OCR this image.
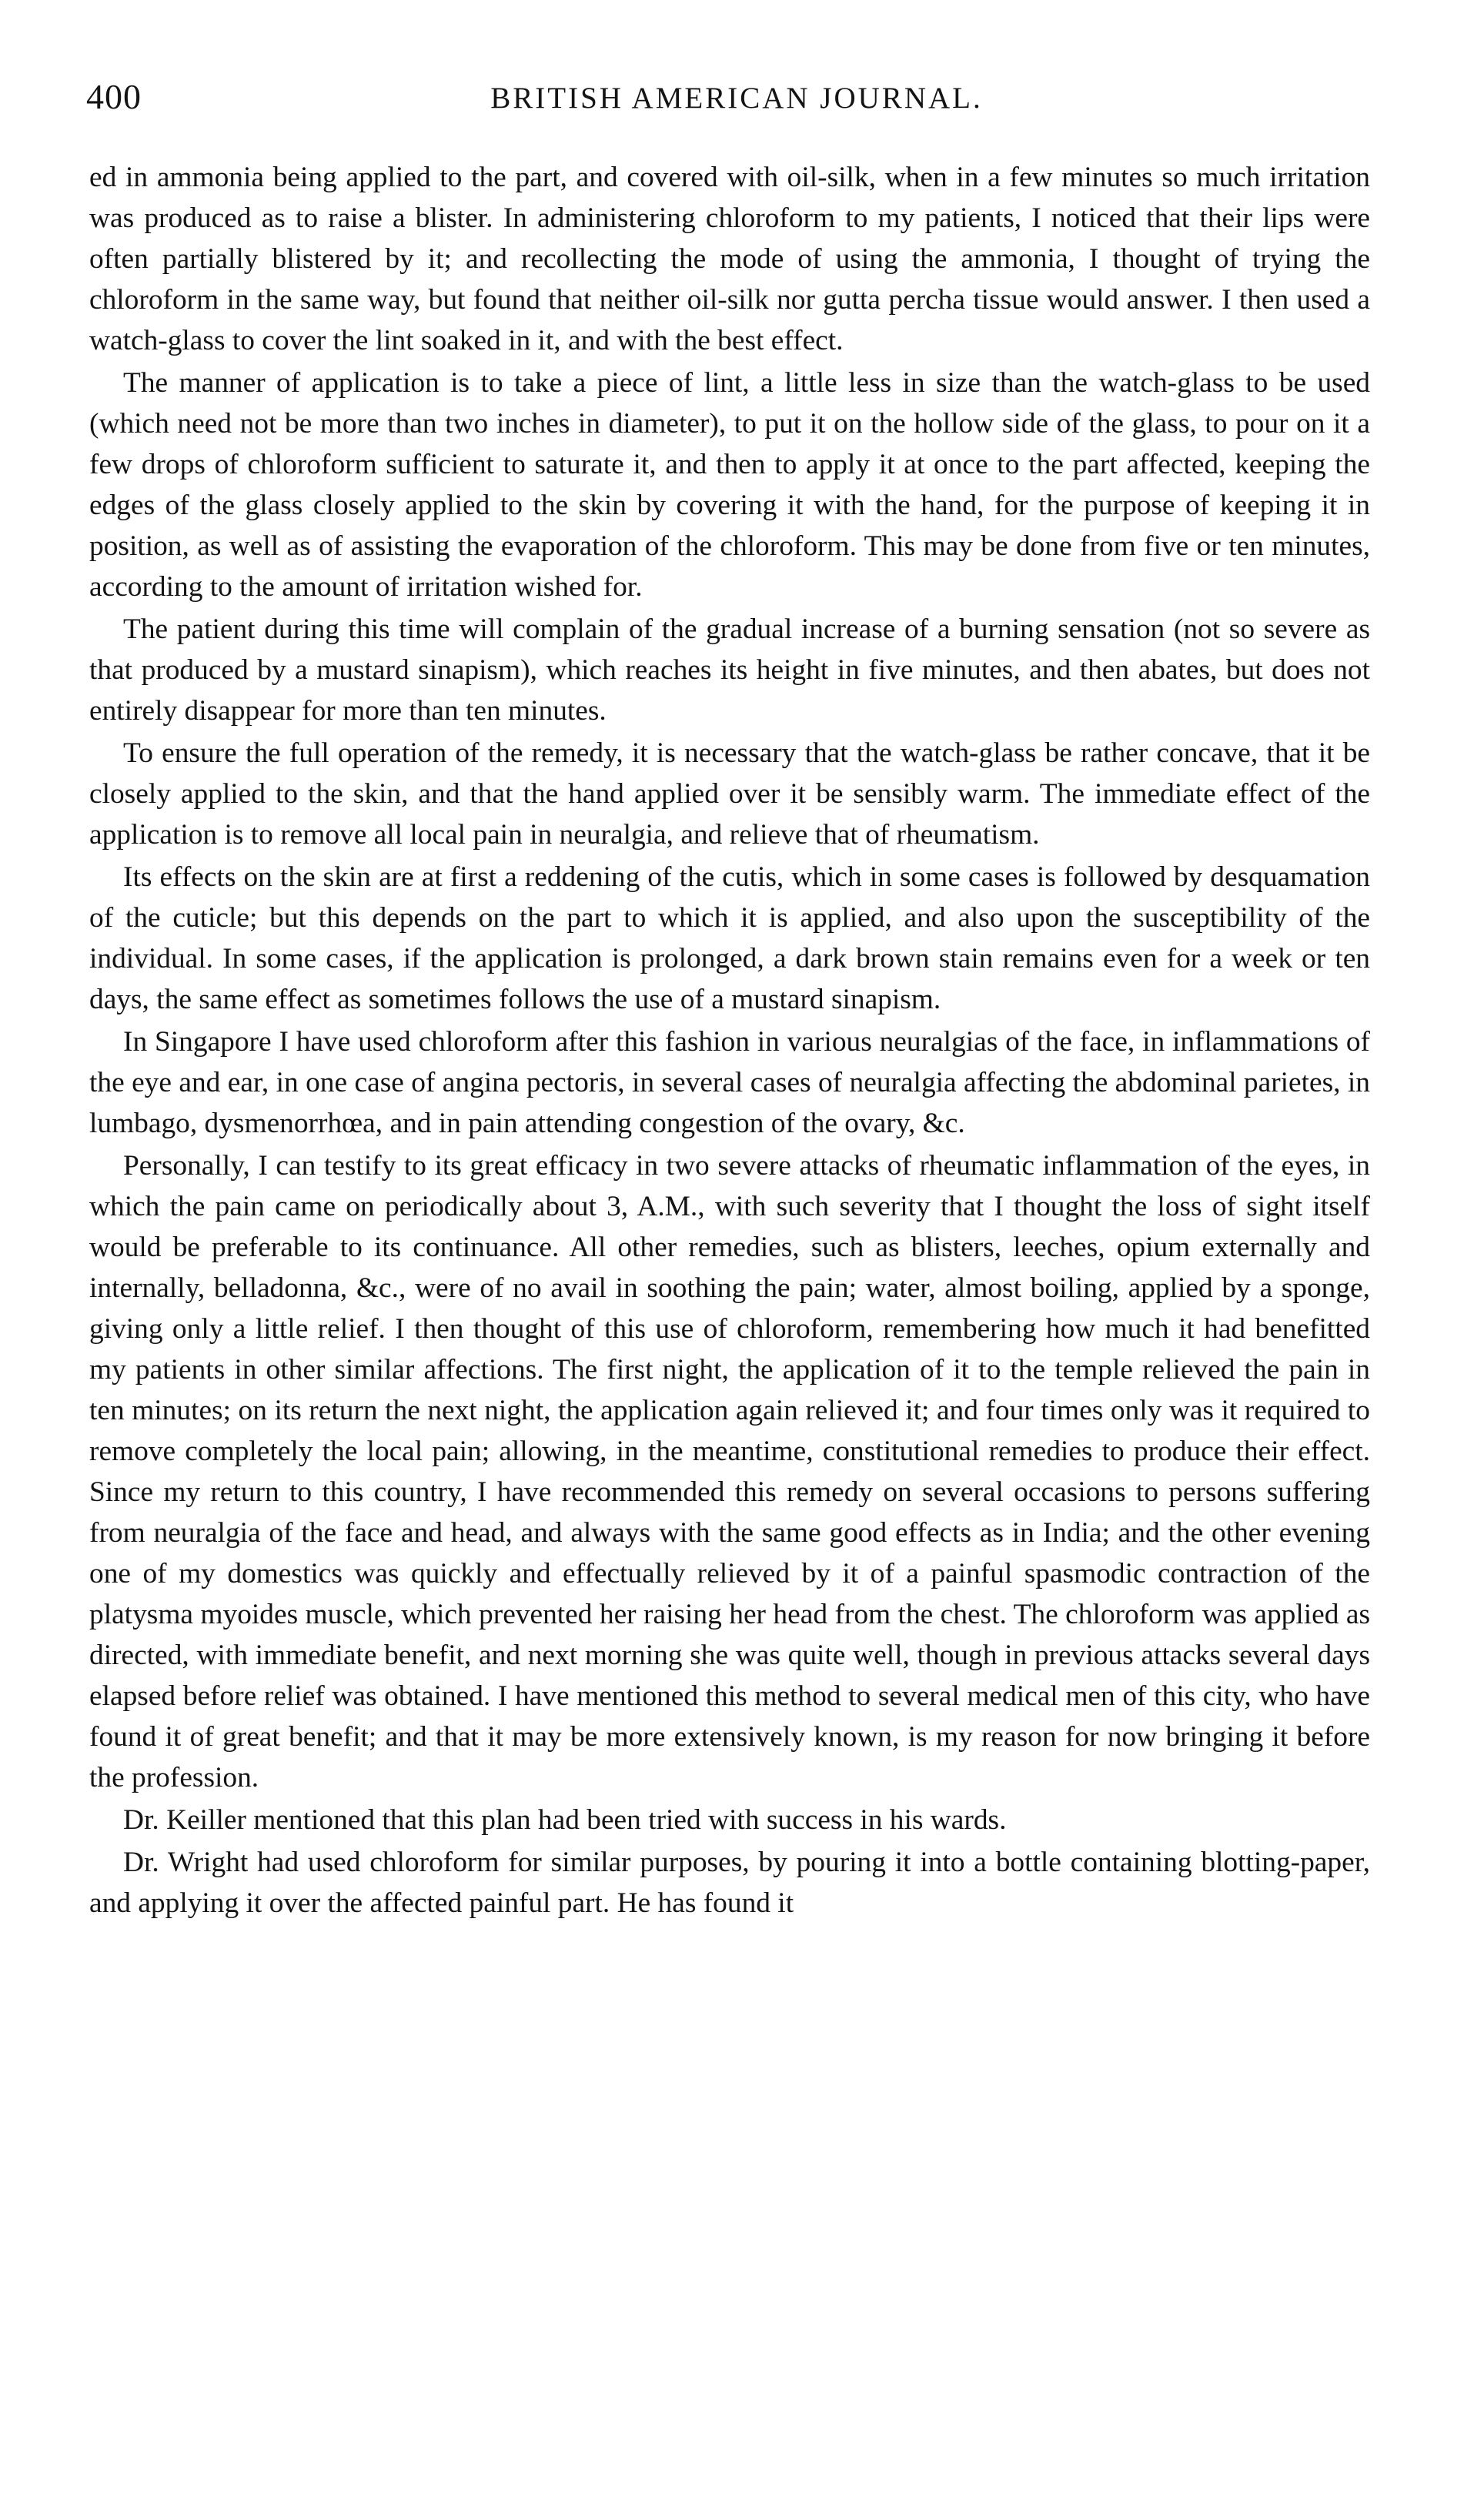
400	BRITISH AMERICAN JOURNAL.

ed in ammonia being applied to the part, and covered with oil-silk, when in a few minutes so much irritation was produced as to raise a blister. In administering chloroform to my patients, I noticed that their lips were often partially blistered by it; and recollecting the mode of using the ammonia, I thought of trying the chloroform in the same way, but found that neither oil-silk nor gutta percha tissue would answer. I then used a watch-glass to cover the lint soaked in it, and with the best effect.

The manner of application is to take a piece of lint, a little less in size than the watch-glass to be used (which need not be more than two inches in diameter), to put it on the hollow side of the glass, to pour on it a few drops of chloroform sufficient to saturate it, and then to apply it at once to the part affected, keeping the edges of the glass closely applied to the skin by covering it with the hand, for the purpose of keeping it in position, as well as of assisting the evaporation of the chloroform. This may be done from five or ten minutes, according to the amount of irritation wished for.

The patient during this time will complain of the gradual increase of a burning sensation (not so severe as that produced by a mustard sinapism), which reaches its height in five minutes, and then abates, but does not entirely disappear for more than ten minutes.

To ensure the full operation of the remedy, it is necessary that the watch-glass be rather concave, that it be closely applied to the skin, and that the hand applied over it be sensibly warm. The immediate effect of the application is to remove all local pain in neuralgia, and relieve that of rheumatism.

Its effects on the skin are at first a reddening of the cutis, which in some cases is followed by desquamation of the cuticle; but this depends on the part to which it is applied, and also upon the susceptibility of the individual. In some cases, if the application is prolonged, a dark brown stain remains even for a week or ten days, the same effect as sometimes follows the use of a mustard sinapism.

In Singapore I have used chloroform after this fashion in various neuralgias of the face, in inflammations of the eye and ear, in one case of angina pectoris, in several cases of neuralgia affecting the abdominal parietes, in lumbago, dysmenorrhœa, and in pain attending congestion of the ovary, &c.

Personally, I can testify to its great efficacy in two severe attacks of rheumatic inflammation of the eyes, in which the pain came on periodically about 3, A.M., with such severity that I thought the loss of sight itself would be preferable to its continuance. All other remedies, such as blisters, leeches, opium externally and internally, belladonna, &c., were of no avail in soothing the pain; water, almost boiling, applied by a sponge, giving only a little relief. I then thought of this use of chloroform, remembering how much it had benefitted my patients in other similar affections. The first night, the application of it to the temple relieved the pain in ten minutes; on its return the next night, the application again relieved it; and four times only was it required to remove completely the local pain; allowing, in the meantime, constitutional remedies to produce their effect. Since my return to this country, I have recommended this remedy on several occasions to persons suffering from neuralgia of the face and head, and always with the same good effects as in India; and the other evening one of my domestics was quickly and effectually relieved by it of a painful spasmodic contraction of the platysma myoides muscle, which prevented her raising her head from the chest. The chloroform was applied as directed, with immediate benefit, and next morning she was quite well, though in previous attacks several days elapsed before relief was obtained. I have mentioned this method to several medical men of this city, who have found it of great benefit; and that it may be more extensively known, is my reason for now bringing it before the profession.

Dr. Keiller mentioned that this plan had been tried with success in his wards.

Dr. Wright had used chloroform for similar purposes, by pouring it into a bottle containing blotting-paper, and applying it over the affected painful part. He has found it
